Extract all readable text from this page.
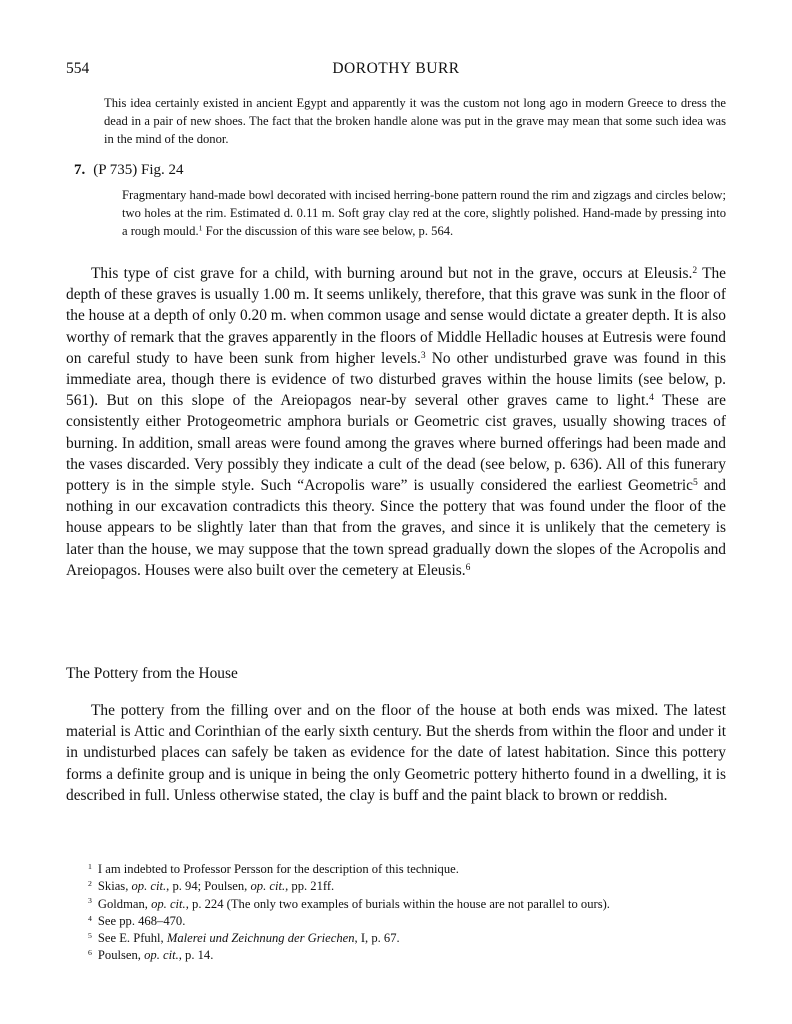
554	DOROTHY BURR

This idea certainly existed in ancient Egypt and apparently it was the custom not long ago in modern Greece to dress the dead in a pair of new shoes. The fact that the broken handle alone was put in the grave may mean that some such idea was in the mind of the donor.

7. (P 735) Fig. 24

Fragmentary hand-made bowl decorated with incised herring-bone pattern round the rim and zigzags and circles below; two holes at the rim. Estimated d. 0.11 m. Soft gray clay red at the core, slightly polished. Hand-made by pressing into a rough mould.$^1$ For the discussion of this ware see below, p. 564.

This type of cist grave for a child, with burning around but not in the grave, occurs at Eleusis.$^2$ The depth of these graves is usually 1.00 m. It seems unlikely, therefore, that this grave was sunk in the floor of the house at a depth of only 0.20 m. when common usage and sense would dictate a greater depth. It is also worthy of remark that the graves apparently in the floors of Middle Helladic houses at Eutresis were found on careful study to have been sunk from higher levels.$^3$ No other undisturbed grave was found in this immediate area, though there is evidence of two disturbed graves within the house limits (see below, p. 561). But on this slope of the Areiopagos near-by several other graves came to light.$^4$ These are consistently either Protogeometric amphora burials or Geometric cist graves, usually showing traces of burning. In addition, small areas were found among the graves where burned offerings had been made and the vases discarded. Very possibly they indicate a cult of the dead (see below, p. 636). All of this funerary pottery is in the simple style. Such “Acropolis ware” is usually considered the earliest Geometric$^5$ and nothing in our excavation contradicts this theory. Since the pottery that was found under the floor of the house appears to be slightly later than that from the graves, and since it is unlikely that the cemetery is later than the house, we may suppose that the town spread gradually down the slopes of the Acropolis and Areiopagos. Houses were also built over the cemetery at Eleusis.$^6$

The Pottery from the House

The pottery from the filling over and on the floor of the house at both ends was mixed. The latest material is Attic and Corinthian of the early sixth century. But the sherds from within the floor and under it in undisturbed places can safely be taken as evidence for the date of latest habitation. Since this pottery forms a definite group and is unique in being the only Geometric pottery hitherto found in a dwelling, it is described in full. Unless otherwise stated, the clay is buff and the paint black to brown or reddish.

$^1$ I am indebted to Professor Persson for the description of this technique.
$^2$ Skias, op. cit., p. 94; Poulsen, op. cit., pp. 21ff.
$^3$ Goldman, op. cit., p. 224 (The only two examples of burials within the house are not parallel to ours).
$^4$ See pp. 468–470.
$^5$ See E. Pfuhl, Malerei und Zeichnung der Griechen, I, p. 67.
$^6$ Poulsen, op. cit., p. 14.
